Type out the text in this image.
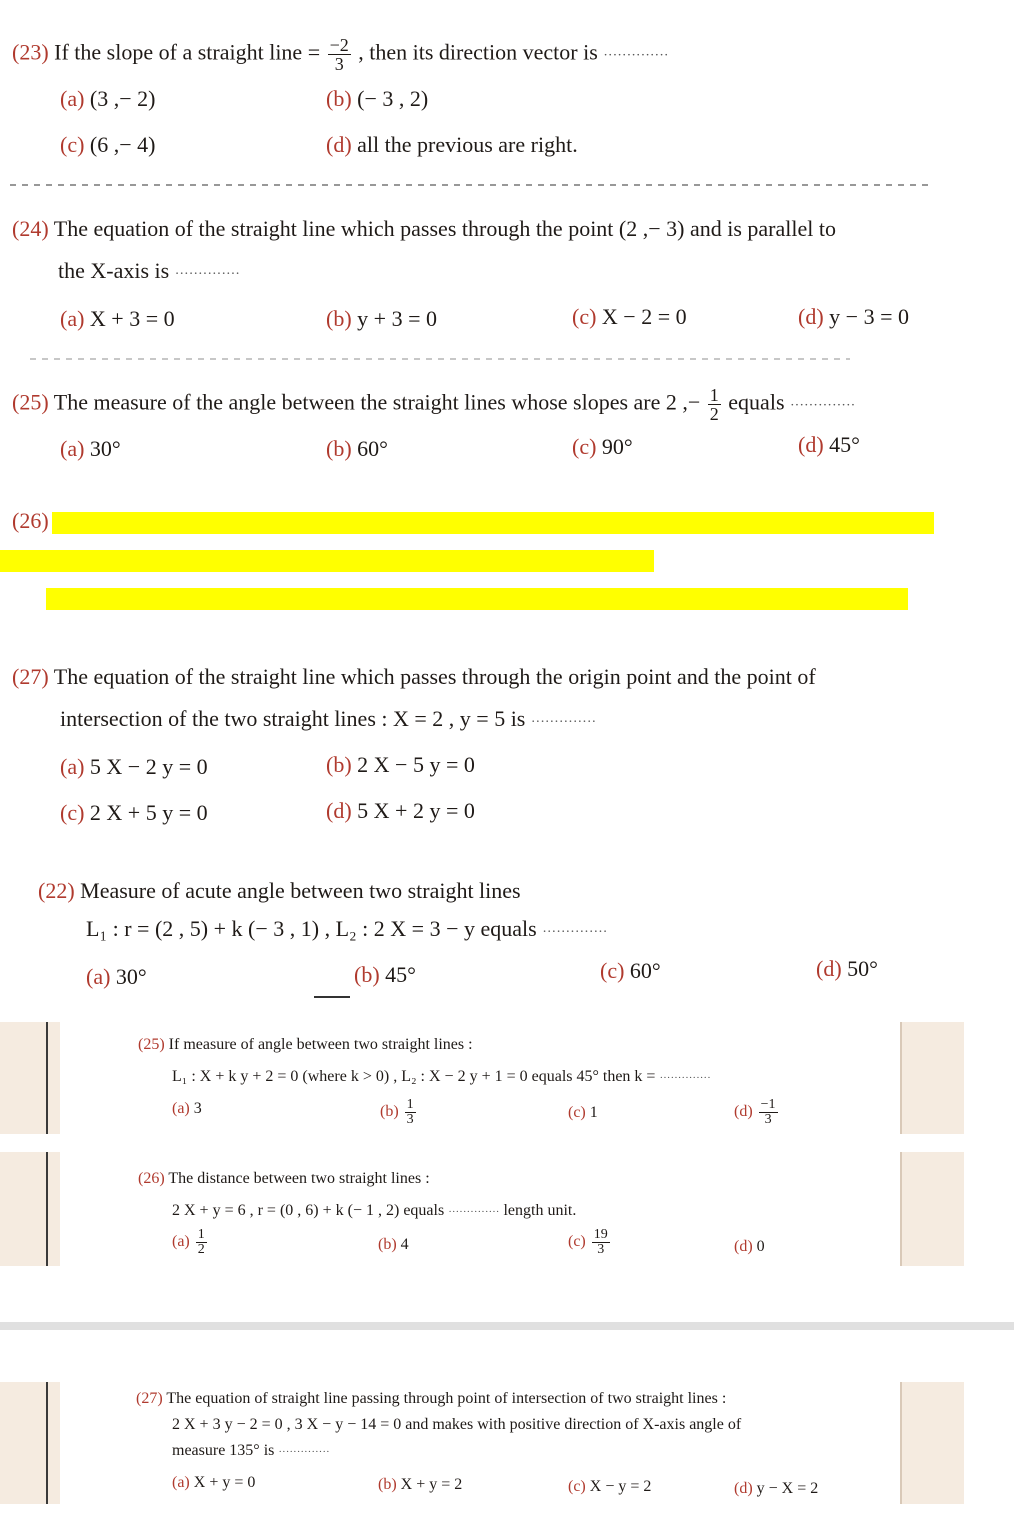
(23) If the slope of a straight line = $\frac{-2}{3}$ , then its direction vector is ··············
(a) (3 ,− 2)	(b) (− 3 , 2)
(c) (6 ,− 4)	(d) all the previous are right.
(24) The equation of the straight line which passes through the point (2 ,− 3) and is parallel to
the X-axis is ··············
(a) X + 3 = 0	(b) y + 3 = 0	(c) X − 2 = 0	(d) y − 3 = 0
(25) The measure of the angle between the straight lines whose slopes are 2 ,− $\frac{1}{2}$ equals ··············
(a) 30°	(b) 60°	(c) 90°	(d) 45°
(26)
(27) The equation of the straight line which passes through the origin point and the point of
intersection of the two straight lines : X = 2 , y = 5 is ··············
(a) 5 X − 2 y = 0	(b) 2 X − 5 y = 0
(c) 2 X + 5 y = 0	(d) 5 X + 2 y = 0
(22) Measure of acute angle between two straight lines
L₁ : r = (2 , 5) + k (− 3 , 1) , L₂ : 2 X = 3 − y equals ··············
(a) 30°	(b) 45°	(c) 60°	(d) 50°
(25) If measure of angle between two straight lines :
L₁ : X + k y + 2 = 0 (where k > 0) , L₂ : X − 2 y + 1 = 0 equals 45° then k = ··············
(a) 3	$(b) \frac{1}{3}$	(c) 1	$(d) \frac{-1}{3}$
(26) The distance between two straight lines :
2 X + y = 6 , r = (0 , 6) + k (− 1 , 2) equals ·············· length unit.
$(a) \frac{1}{2}$	(b) 4	$(c) \frac{19}{3}$	(d) 0
(27) The equation of straight line passing through point of intersection of two straight lines :
2 X + 3 y − 2 = 0 , 3 X − y − 14 = 0 and makes with positive direction of X-axis angle of
measure 135° is ··············
(a) X + y = 0	(b) X + y = 2	(c) X − y = 2	(d) y − X = 2
